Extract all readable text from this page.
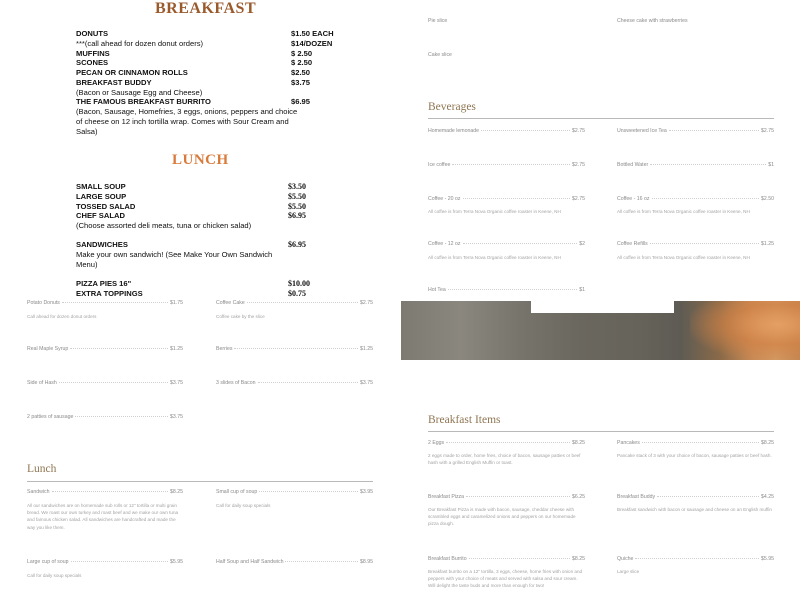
BREAKFAST
DONUTS	$1.50 EACH
***(call ahead for dozen donut orders)	$14/DOZEN
MUFFINS	$ 2.50
SCONES	$ 2.50
PECAN OR CINNAMON ROLLS	$2.50
BREAKFAST BUDDY	$3.75
(Bacon or Sausage Egg and Cheese)
THE FAMOUS BREAKFAST BURRITO	$6.95
(Bacon, Sausage, Homefries, 3 eggs, onions, peppers and choice
of cheese on 12 inch tortilla wrap. Comes with Sour Cream and
Salsa)
LUNCH
SMALL SOUP	$3.50
LARGE SOUP	$5.50
TOSSED SALAD	$5.50
CHEF SALAD	$6.95
(Choose assorted deli meats, tuna or chicken salad)
SANDWICHES	$6.95
Make your own sandwich! (See Make Your Own Sandwich
Menu)
PIZZA PIES 16"	$10.00
EXTRA TOPPINGS	$0.75
Potato Donuts	$1.75
Call ahead for dozen donut orders
Coffee Cake	$2.75
Coffee cake by the slice
Real Maple Syrup	$1.25	Berries	$1.25
Side of Hash	$3.75	3 slides of Bacon	$3.75
2 patties of sausage	$3.75
Lunch
Sandwich	$8.25
All our sandwiches are on homemade sub rolls or 12" tortilla or multi grain bread. We roast our own turkey and roast beef and we make our own tuna and famous chicken salad. All sandwiches are handcrafted and made the way you like them.
Small cup of soup	$3.95
Call for daily soup specials
Large cup of soup	$5.95
Call for daily soup specials
Half Soup and Half Sandwich	$8.95
Pie slice	Cheese cake with strawberries
Cake slice
Beverages
Homemade lemonade	$2.75	Unsweetened Ice Tea	$2.75
Ice coffee	$2.75	Bottled Water	$1
Coffee - 20 oz	$2.75
All coffee is from Terra Nova Organic coffee roaster in Keene, NH
Coffee - 16 oz	$2.50
All coffee is from Terra Nova Organic coffee roaster in Keene, NH
Coffee - 12 oz	$2
All coffee is from Terra Nova Organic coffee roaster in Keene, NH
Coffee Refills	$1.25
All coffee is from Terra Nova Organic coffee roaster in Keene, NH
Hot Tea	$1
Breakfast Items
2 Eggs	$8.25
2 eggs made to order, home fries, choice of bacon, sausage patties or beef hash with a grilled English Muffin or toast.
Pancakes	$8.25
Pancake stack of 3 with your choice of bacon, sausage patties or beef hash.
Breakfast Pizza	$6.25
Our Breakfast Pizza is made with bacon, sausage, cheddar cheese with scrambled eggs and caramelized onions and peppers on our homemade pizza dough.
Breakfast Buddy	$4.25
Breakfast sandwich with bacon or sausage and cheese on an English muffin
Breakfast Burrito	$8.25
Breakfast burrito on a 12" tortilla, 3 eggs, cheese, home fries with onion and peppers with your choice of meats and served with salsa and sour cream. Will delight the taste buds and more than enough for two!
Quiche	$5.95
Large slice
